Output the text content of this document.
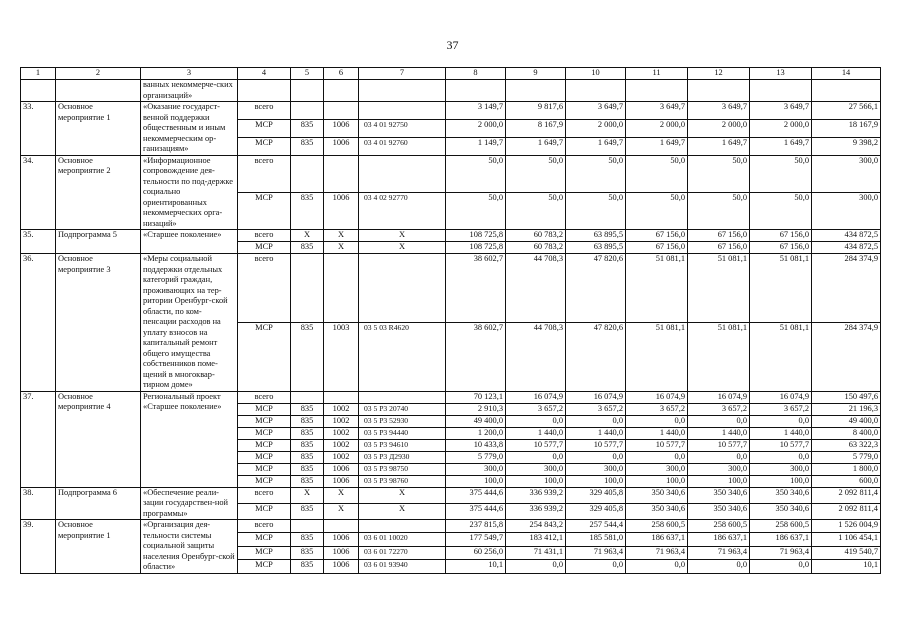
37
1	2	3	4	5	6	7	8	9	10	11	12	13	14
		ванных некоммерче-ских организаций»											
33.	Основное мероприятие 1	«Оказание государст-венной поддержки общественным и иным некоммерческим ор-ганизациям»	всего				3 149,7	9 817,6	3 649,7	3 649,7	3 649,7	3 649,7	27 566,1
			МСР	835	1006	03 4 01 92750	2 000,0	8 167,9	2 000,0	2 000,0	2 000,0	2 000,0	18 167,9
			МСР	835	1006	03 4 01 92760	1 149,7	1 649,7	1 649,7	1 649,7	1 649,7	1 649,7	9 398,2
34.	Основное мероприятие 2	«Информационное сопровождение дея-тельности по под-держке социально ориентированных некоммерческих орга-низаций»	всего				50,0	50,0	50,0	50,0	50,0	50,0	300,0
			МСР	835	1006	03 4 02 92770	50,0	50,0	50,0	50,0	50,0	50,0	300,0
35.	Подпрограмма 5	«Старшее поколение»	всего	X	X	X	108 725,8	60 783,2	63 895,5	67 156,0	67 156,0	67 156,0	434 872,5
			МСР	835	X	X	108 725,8	60 783,2	63 895,5	67 156,0	67 156,0	67 156,0	434 872,5
36.	Основное мероприятие 3	«Меры социальной поддержки отдельных категорий граждан, проживающих на тер-ритории Оренбург-ской области, по ком-пенсации расходов на уплату взносов на капитальный ремонт общего имущества собственников поме-щений в многоквар-тирном доме»	всего				38 602,7	44 708,3	47 820,6	51 081,1	51 081,1	51 081,1	284 374,9
			МСР	835	1003	03 5 03 R4620	38 602,7	44 708,3	47 820,6	51 081,1	51 081,1	51 081,1	284 374,9
37.	Основное мероприятие 4	Региональный проект «Старшее поколение»	всего				70 123,1	16 074,9	16 074,9	16 074,9	16 074,9	16 074,9	150 497,6
			МСР	835	1002	03 5 P3 20740	2 910,3	3 657,2	3 657,2	3 657,2	3 657,2	3 657,2	21 196,3
			МСР	835	1002	03 5 P3 52930	49 400,0	0,0	0,0	0,0	0,0	0,0	49 400,0
			МСР	835	1002	03 5 P3 94440	1 200,0	1 440,0	1 440,0	1 440,0	1 440,0	1 440,0	8 400,0
			МСР	835	1002	03 5 P3 94610	10 433,8	10 577,7	10 577,7	10 577,7	10 577,7	10 577,7	63 322,3
			МСР	835	1002	03 5 P3 Д2930	5 779,0	0,0	0,0	0,0	0,0	0,0	5 779,0
			МСР	835	1006	03 5 P3 98750	300,0	300,0	300,0	300,0	300,0	300,0	1 800,0
			МСР	835	1006	03 5 P3 98760	100,0	100,0	100,0	100,0	100,0	100,0	600,0
38.	Подпрограмма 6	«Обеспечение реали-зации государствен-ной программы»	всего	X	X	X	375 444,6	336 939,2	329 405,8	350 340,6	350 340,6	350 340,6	2 092 811,4
			МСР	835	X	X	375 444,6	336 939,2	329 405,8	350 340,6	350 340,6	350 340,6	2 092 811,4
39.	Основное мероприятие 1	«Организация дея-тельности системы социальной защиты населения Оренбург-ской области»	всего				237 815,8	254 843,2	257 544,4	258 600,5	258 600,5	258 600,5	1 526 004,9
			МСР	835	1006	03 6 01 10020	177 549,7	183 412,1	185 581,0	186 637,1	186 637,1	186 637,1	1 106 454,1
			МСР	835	1006	03 6 01 72270	60 256,0	71 431,1	71 963,4	71 963,4	71 963,4	71 963,4	419 540,7
			МСР	835	1006	03 6 01 93940	10,1	0,0	0,0	0,0	0,0	0,0	10,1
